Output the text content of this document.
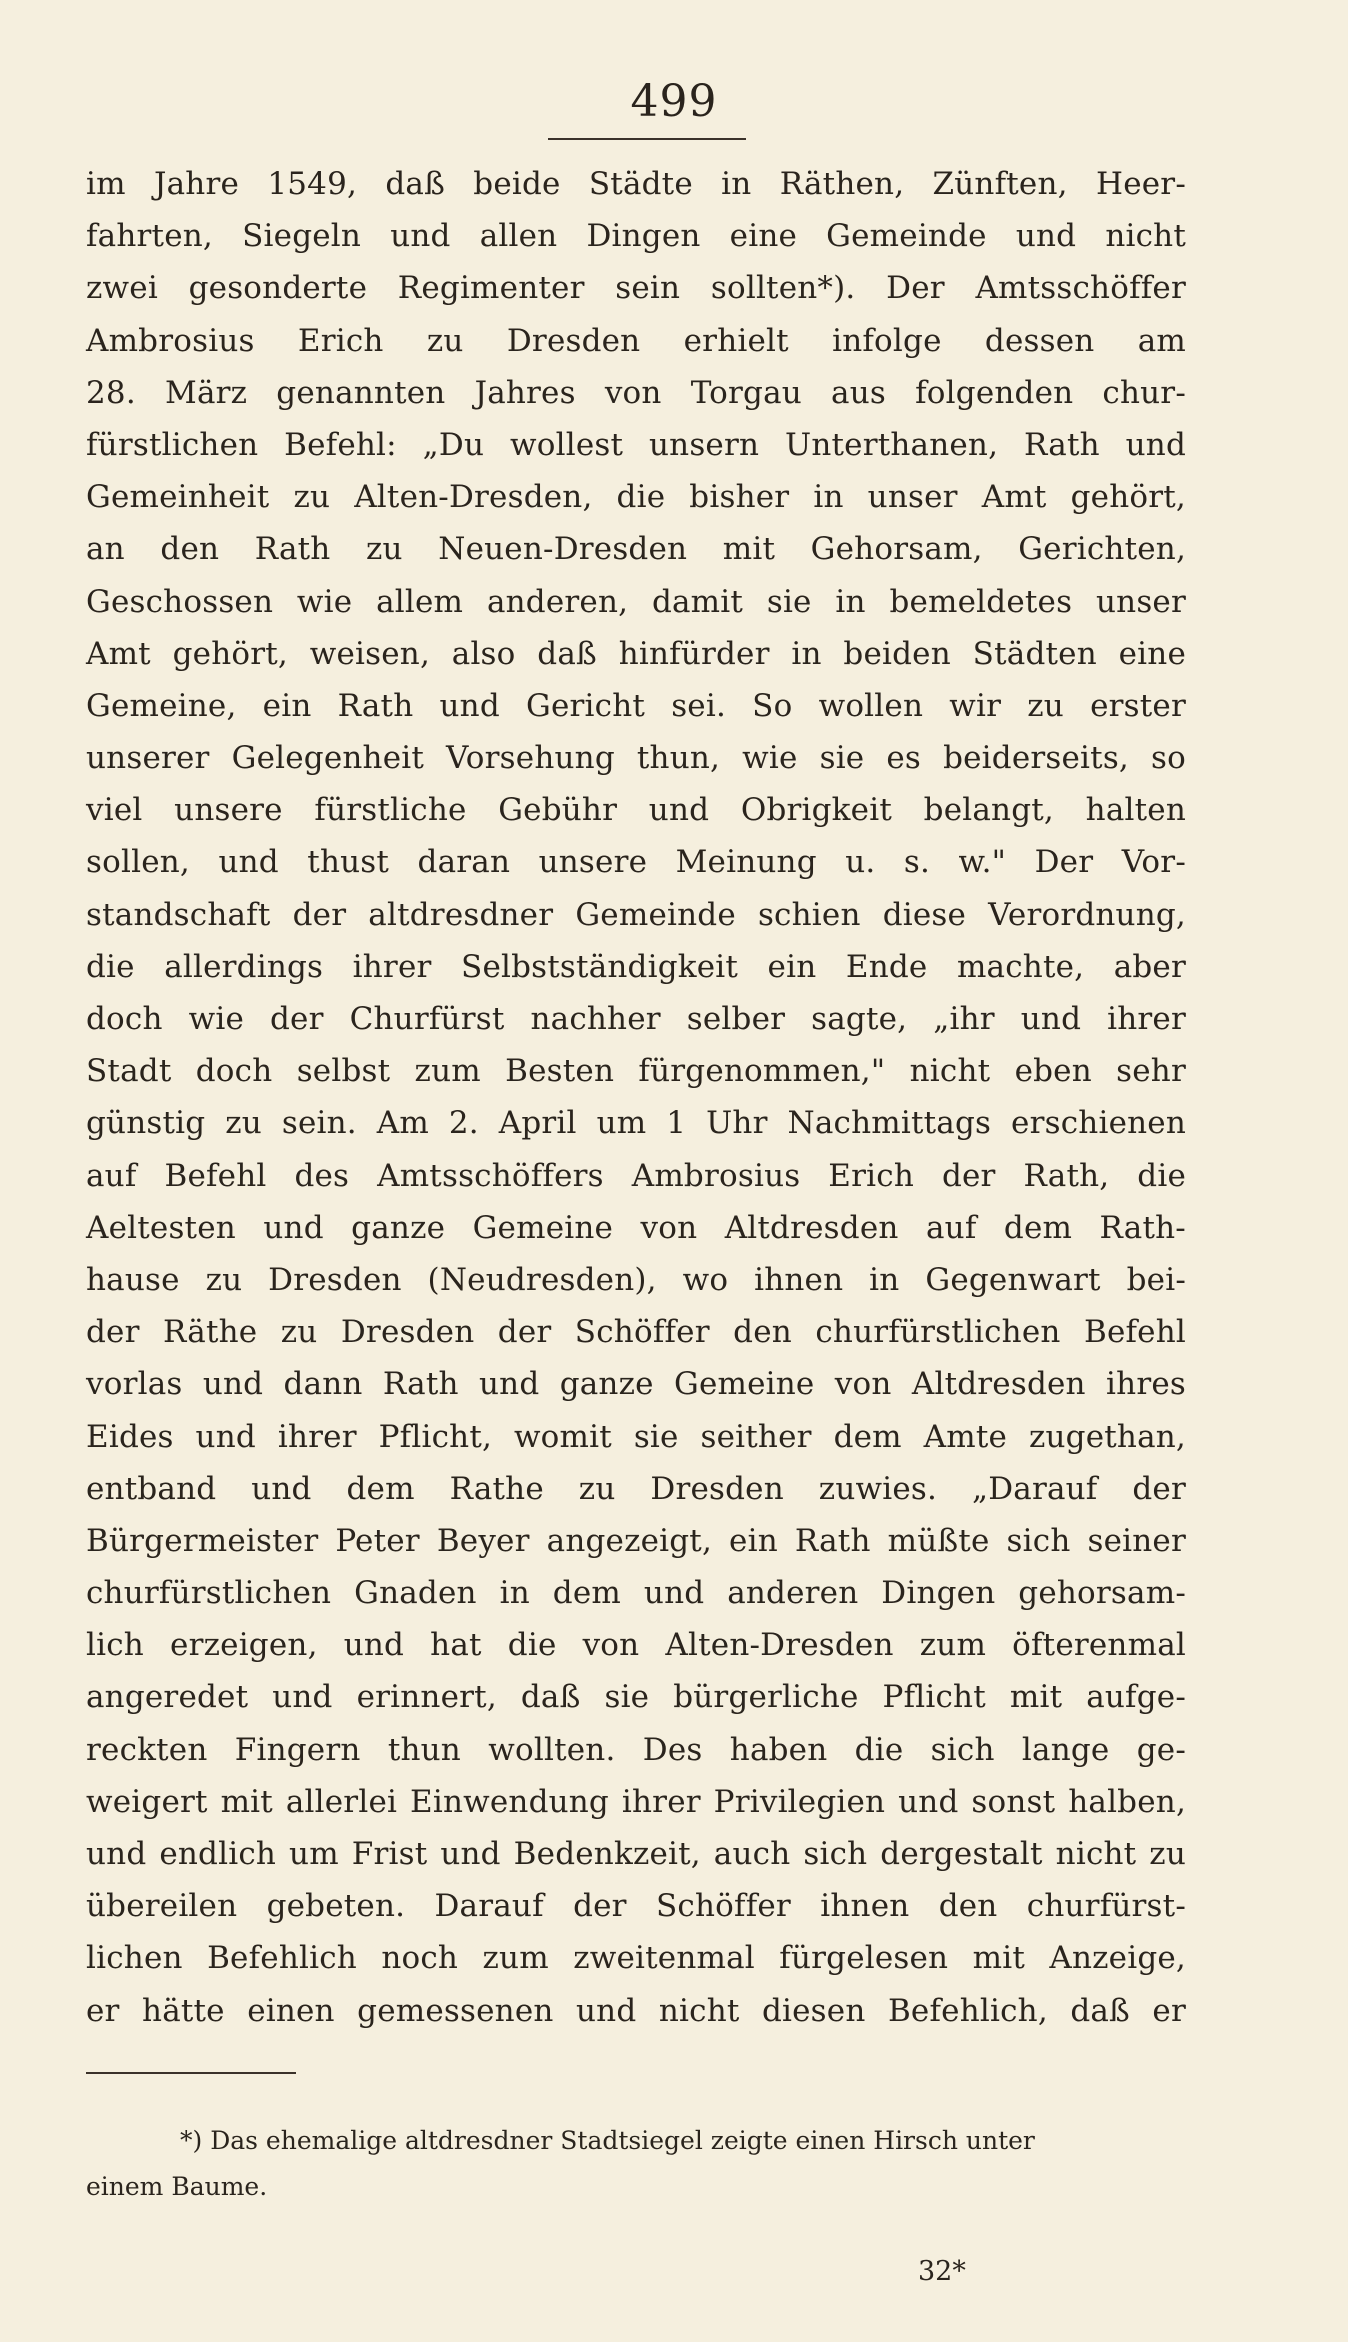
499
im Jahre 1549, daß beide Städte in Räthen, Zünften, Heer-
fahrten, Siegeln und allen Dingen eine Gemeinde und nicht
zwei gesonderte Regimenter sein sollten*). Der Amtsschöffer
Ambrosius Erich zu Dresden erhielt infolge dessen am
28. März genannten Jahres von Torgau aus folgenden chur-
fürstlichen Befehl: „Du wollest unsern Unterthanen, Rath und
Gemeinheit zu Alten-Dresden, die bisher in unser Amt gehört,
an den Rath zu Neuen-Dresden mit Gehorsam, Gerichten,
Geschossen wie allem anderen, damit sie in bemeldetes unser
Amt gehört, weisen, also daß hinfürder in beiden Städten eine
Gemeine, ein Rath und Gericht sei. So wollen wir zu erster
unserer Gelegenheit Vorsehung thun, wie sie es beiderseits, so
viel unsere fürstliche Gebühr und Obrigkeit belangt, halten
sollen, und thust daran unsere Meinung u. s. w." Der Vor-
standschaft der altdresdner Gemeinde schien diese Verordnung,
die allerdings ihrer Selbstständigkeit ein Ende machte, aber
doch wie der Churfürst nachher selber sagte, „ihr und ihrer
Stadt doch selbst zum Besten fürgenommen," nicht eben sehr
günstig zu sein. Am 2. April um 1 Uhr Nachmittags erschienen
auf Befehl des Amtsschöffers Ambrosius Erich der Rath, die
Aeltesten und ganze Gemeine von Altdresden auf dem Rath-
hause zu Dresden (Neudresden), wo ihnen in Gegenwart bei-
der Räthe zu Dresden der Schöffer den churfürstlichen Befehl
vorlas und dann Rath und ganze Gemeine von Altdresden ihres
Eides und ihrer Pflicht, womit sie seither dem Amte zugethan,
entband und dem Rathe zu Dresden zuwies. „Darauf der
Bürgermeister Peter Beyer angezeigt, ein Rath müßte sich seiner
churfürstlichen Gnaden in dem und anderen Dingen gehorsam-
lich erzeigen, und hat die von Alten-Dresden zum öfterenmal
angeredet und erinnert, daß sie bürgerliche Pflicht mit aufge-
reckten Fingern thun wollten. Des haben die sich lange ge-
weigert mit allerlei Einwendung ihrer Privilegien und sonst halben,
und endlich um Frist und Bedenkzeit, auch sich dergestalt nicht zu
übereilen gebeten. Darauf der Schöffer ihnen den churfürst-
lichen Befehlich noch zum zweitenmal fürgelesen mit Anzeige,
er hätte einen gemessenen und nicht diesen Befehlich, daß er
*) Das ehemalige altdresdner Stadtsiegel zeigte einen Hirsch unter
einem Baume.
32*
